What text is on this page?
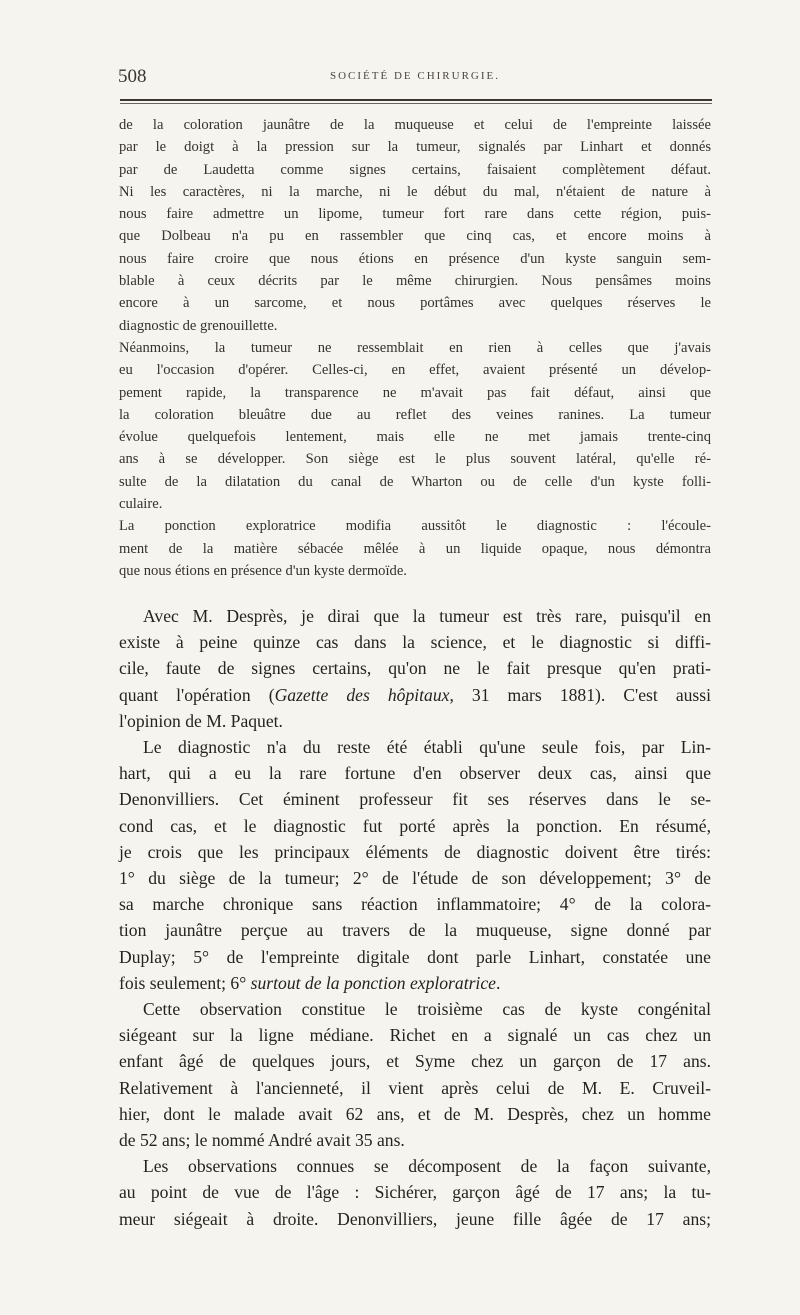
508	SOCIÉTÉ DE CHIRURGIE.

de la coloration jaunâtre de la muqueuse et celui de l'empreinte laissée
par le doigt à la pression sur la tumeur, signalés par Linhart et donnés
par de Laudetta comme signes certains, faisaient complètement défaut.
Ni les caractères, ni la marche, ni le début du mal, n'étaient de nature à
nous faire admettre un lipome, tumeur fort rare dans cette région, puis-
que Dolbeau n'a pu en rassembler que cinq cas, et encore moins à
nous faire croire que nous étions en présence d'un kyste sanguin sem-
blable à ceux décrits par le même chirurgien. Nous pensâmes moins
encore à un sarcome, et nous portâmes avec quelques réserves le
diagnostic de grenouillette.

Néanmoins, la tumeur ne ressemblait en rien à celles que j'avais
eu l'occasion d'opérer. Celles-ci, en effet, avaient présenté un dévelop-
pement rapide, la transparence ne m'avait pas fait défaut, ainsi que
la coloration bleuâtre due au reflet des veines ranines. La tumeur
évolue quelquefois lentement, mais elle ne met jamais trente-cinq
ans à se développer. Son siège est le plus souvent latéral, qu'elle ré-
sulte de la dilatation du canal de Wharton ou de celle d'un kyste folli-
culaire.

La ponction exploratrice modifia aussitôt le diagnostic : l'écoule-
ment de la matière sébacée mêlée à un liquide opaque, nous démontra
que nous étions en présence d'un kyste dermoïde.

Avec M. Desprès, je dirai que la tumeur est très rare, puisqu'il en
existe à peine quinze cas dans la science, et le diagnostic si diffi-
cile, faute de signes certains, qu'on ne le fait presque qu'en prati-
quant l'opération (Gazette des hôpitaux, 31 mars 1881). C'est aussi
l'opinion de M. Paquet.

Le diagnostic n'a du reste été établi qu'une seule fois, par Lin-
hart, qui a eu la rare fortune d'en observer deux cas, ainsi que
Denonvilliers. Cet éminent professeur fit ses réserves dans le se-
cond cas, et le diagnostic fut porté après la ponction. En résumé,
je crois que les principaux éléments de diagnostic doivent être tirés:
1° du siège de la tumeur; 2° de l'étude de son développement; 3° de
sa marche chronique sans réaction inflammatoire; 4° de la colora-
tion jaunâtre perçue au travers de la muqueuse, signe donné par
Duplay; 5° de l'empreinte digitale dont parle Linhart, constatée une
fois seulement; 6° surtout de la ponction exploratrice.

Cette observation constitue le troisième cas de kyste congénital
siégeant sur la ligne médiane. Richet en a signalé un cas chez un
enfant âgé de quelques jours, et Syme chez un garçon de 17 ans.
Relativement à l'ancienneté, il vient après celui de M. E. Cruveil-
hier, dont le malade avait 62 ans, et de M. Desprès, chez un homme
de 52 ans; le nommé André avait 35 ans.

Les observations connues se décomposent de la façon suivante,
au point de vue de l'âge : Sichérer, garçon âgé de 17 ans; la tu-
meur siégeait à droite. Denonvilliers, jeune fille âgée de 17 ans;
